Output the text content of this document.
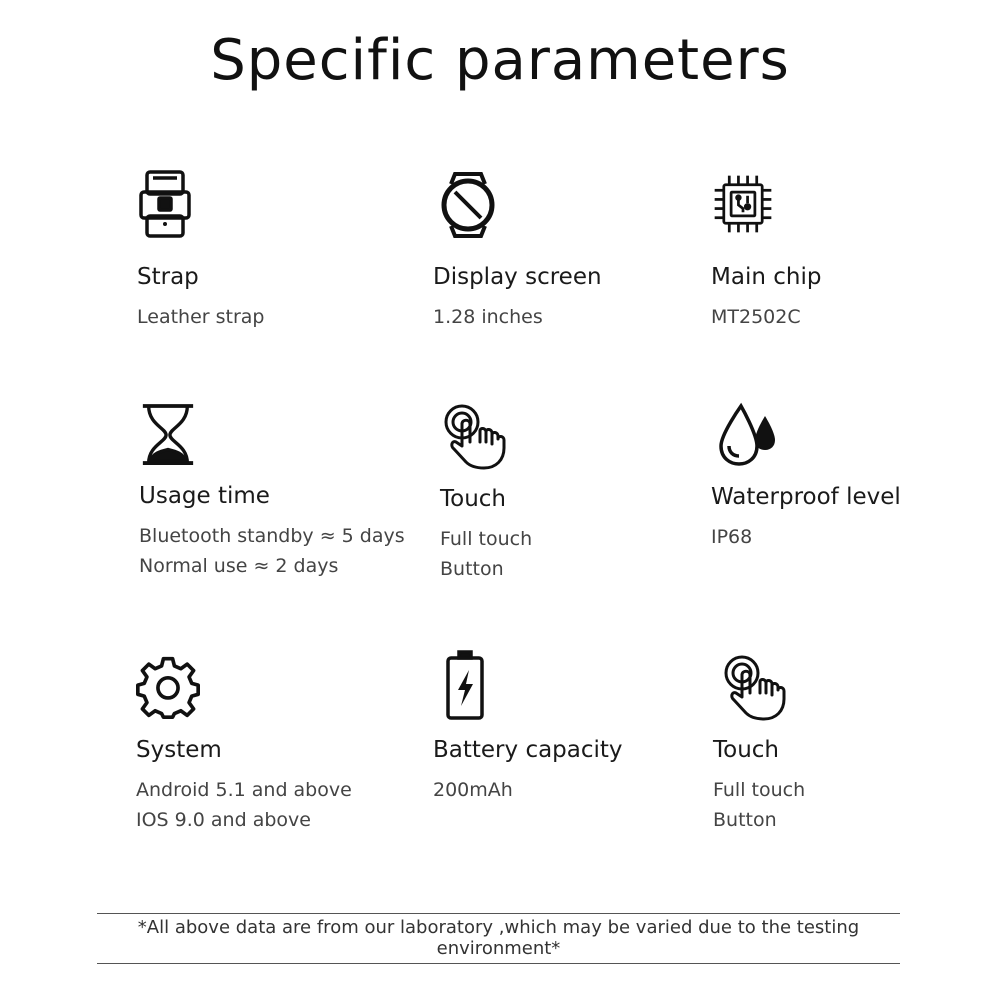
Specific parameters
Strap
Leather strap
Display screen
1.28 inches
Main chip
MT2502C
Usage time
Bluetooth standby ≈ 5 days
Normal use ≈ 2 days
Touch
Full touch
Button
Waterproof level
IP68
System
Android 5.1 and above
IOS 9.0 and above
Battery capacity
200mAh
Touch
Full touch
Button
*All above data are from our laboratory ,which may be varied due to the testing environment*
